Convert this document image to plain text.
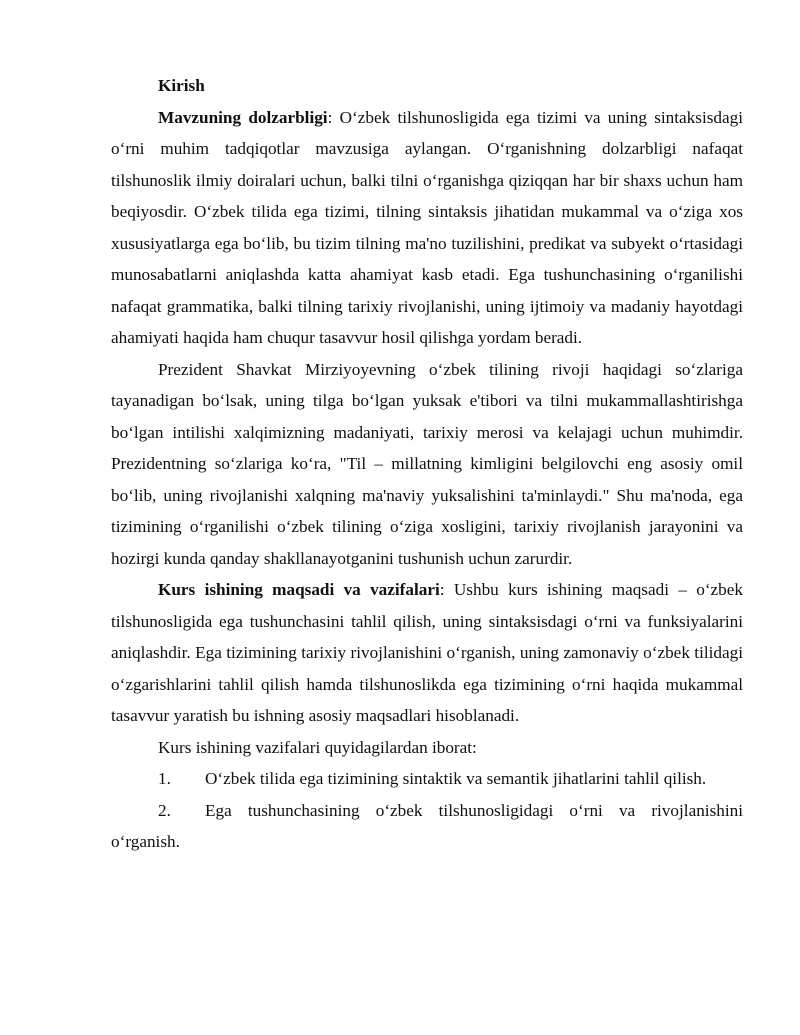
Kirish

Mavzuning dolzarbligi: O‘zbek tilshunosligida ega tizimi va uning sintaksisdagi o‘rni muhim tadqiqotlar mavzusiga aylangan. O‘rganishning dolzarbligi nafaqat tilshunoslik ilmiy doiralari uchun, balki tilni o‘rganishga qiziqqan har bir shaxs uchun ham beqiyosdir. O‘zbek tilida ega tizimi, tilning sintaksis jihatidan mukammal va o‘ziga xos xususiyatlarga ega bo‘lib, bu tizim tilning ma'no tuzilishini, predikat va subyekt o‘rtasidagi munosabatlarni aniqlashda katta ahamiyat kasb etadi. Ega tushunchasining o‘rganilishi nafaqat grammatika, balki tilning tarixiy rivojlanishi, uning ijtimoiy va madaniy hayotdagi ahamiyati haqida ham chuqur tasavvur hosil qilishga yordam beradi.

Prezident Shavkat Mirziyoyevning o‘zbek tilining rivoji haqidagi so‘zlariga tayanadigan bo‘lsak, uning tilga bo‘lgan yuksak e'tibori va tilni mukammallashtirishga bo‘lgan intilishi xalqimizning madaniyati, tarixiy merosi va kelajagi uchun muhimdir. Prezidentning so‘zlariga ko‘ra, "Til – millatning kimligini belgilovchi eng asosiy omil bo‘lib, uning rivojlanishi xalqning ma'naviy yuksalishini ta'minlaydi." Shu ma'noda, ega tizimining o‘rganilishi o‘zbek tilining o‘ziga xosligini, tarixiy rivojlanish jarayonini va hozirgi kunda qanday shakllanayotganini tushunish uchun zarurdir.

Kurs ishining maqsadi va vazifalari: Ushbu kurs ishining maqsadi – o‘zbek tilshunosligida ega tushunchasini tahlil qilish, uning sintaksisdagi o‘rni va funksiyalarini aniqlashdir. Ega tizimining tarixiy rivojlanishini o‘rganish, uning zamonaviy o‘zbek tilidagi o‘zgarishlarini tahlil qilish hamda tilshunoslikda ega tizimining o‘rni haqida mukammal tasavvur yaratish bu ishning asosiy maqsadlari hisoblanadi.

Kurs ishining vazifalari quyidagilardan iborat:

1. O‘zbek tilida ega tizimining sintaktik va semantik jihatlarini tahlil qilish.
2. Ega tushunchasining o‘zbek tilshunosligidagi o‘rni va rivojlanishini o‘rganish.
